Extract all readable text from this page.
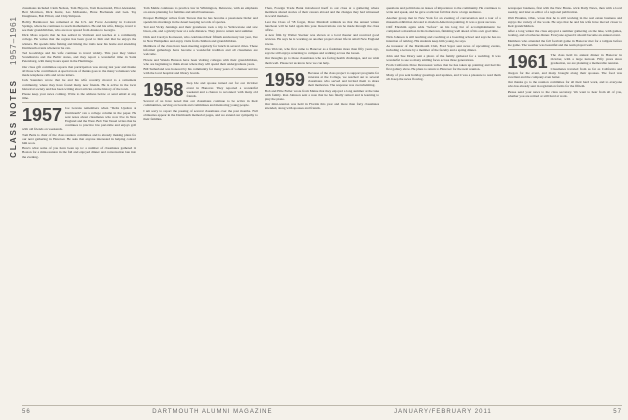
1957–1961
CLASS NOTES

classmates included Clem Nelson, Tom Haycox, Tom Rosenwald, Eliot Alexander, Bert Morrison, Dick Kurtz, Les McKenzie, Hone Bochenek and Gen. Tay Daughness, Bob Elliott, and Chip Simpson.

Bobby Barnhower has remained at the U.S. Air Force Academy in Colorado Springs, where he continues to teach mathematics. He and his wife, Marge, travel to see their grandchildren, who are now spread from Alaska to Georgia.

Dick Moss reports that he has settled in Vermont and teaches at a community college. He writes that the region has been good to him and that he enjoys the winters. He spends time fishing and hiking the trails near his home and attending Dartmouth events whenever he can.

Ted Goodridge and his wife continue to travel widely. This year they visited Scandinavia and the Baltic states, and they report a wonderful time in Saint Petersburg, with many hours spent in the Hermitage.

Our class gift committee reports that participation was strong last year and thanks all those who contributed. A special note of thanks goes to the many volunteers who made telephone calls and wrote letters.

Jack Saunders wrote that he and his wife recently moved to a retirement community, where they have found many new friends. He is active in the local historical society and has been writing short articles on the history of the town.

Please keep your news coming. Write to the address below or send email at any time.

1957 Joe Gavans remembers when "Delta Upsilon at Dartmouth" ran a college column in the paper. He sent notes about classmates who now live in New England and the West. Bob Van Tassel writes that he continues to practice law part-time and enjoys golf with old friends on weekends.

Tom Betts is chair of the class reunion committee and is already making plans for our next gathering in Hanover. He asks that anyone interested in helping contact him soon.

Here's what some of you have been up to: a number of classmates gathered in Boston for a mini-reunion in the fall and enjoyed dinner and conversation late into the evening.

Tom Mehle continues to practice law in Wilmington, Delaware, with an emphasis on estate planning for families and small businesses.

Prosper Ballinger writes from Tucson that he has become a passionate birder and spends his mornings in the desert keeping records of species.

Ted and Vicky Jennings and their grandsons took a trip to Yellowstone and saw bison, elk, and a grizzly bear at a safe distance. They plan to return next summer.

Dick and Carolyn Kortesoni, who celebrated their fiftieth anniversary last year, live in New Hampshire and enjoy visits from children and grandchildren.

Members of the class have been meeting regularly for lunch in several cities. These informal gatherings have become a wonderful tradition and all classmates are welcome.

Howie and Wanda Henson have been visiting colleges with their grandchildren, who are beginning to think about where they will spend their undergraduate years.

Bill Sutherland was honored by his community for many years of volunteer service with the local hospital and library boards.

1958 Step Ide and spouse turned out for our October event in Hanover. They reported a wonderful weekend and a chance to reconnect with many old friends.

Several of us have noted that our classmates continue to be active in their communities, serving on boards and committees and mentoring young people.

I am sorry to report the passing of several classmates over the past months. Full obituaries appear in the Dartmouth memorial pages, and we extend our sympathy to their families.

Then, Foreign Trade Bank introduced itself to our class at a gathering where members shared stories of their careers abroad and the changes they had witnessed in world markets.

Lest the Class of '58 forget, Dave Marshall reminds us that the annual winter luncheon will be held again this year. Reservations can be made through the class office.

A new film by Walter Stecker was shown at a local theater and received good reviews. He says he is working on another project about life in small New England towns.

Wes Wolcott, who first came to Hanover as a freshman more than fifty years ago, says he still enjoys returning to campus and walking across the Green.

Our thoughts go to those classmates who are facing health challenges, and we wish them well. Please let us know how we can help.

1959 Because of the class project to support programs for veterans at the College, we reached out to several classmates who served and invited them to share their memories. The response was overwhelming.

Bob and Ellie Fuller wrote from Maine that they enjoyed a long summer at the lake with family. Ron Johnson sent a note that he has finally retired and is learning to play the piano.

Our mini-reunion was held in Florida this year and more than forty classmates attended, along with spouses and friends.

questions and politicians on issues of importance to the community. He continues to write and speak, and he gave a talk last fall that drew a large audience.

Another group met in New York for an evening of conversation and a tour of a museum exhibition devoted to modern American painting. It was a great success.

Cliff Ebrahim again adds "before" on his long list of accomplishments: he completed a marathon in his hometown, finishing well ahead of his own goal time.

Nick Johnson is still teaching and coaching at a boarding school and says he has no intention of retiring. His students keep him young, he says.

As treasurer of the Dartmouth Club, Fred Sayer sent news of upcoming events, including a lecture by a member of the faculty and a spring dinner.

John and Sue Drury sent a photo of the family gathered for a wedding. It was wonderful to see so many smiling faces across three generations.

From California Dave Devereaux writes that he has taken up painting and had his first gallery show. He plans to return to Hanover for the next reunion.

Many of you sent holiday greetings and updates, and it was a pleasure to read them all. Keep the news flowing.

newspaper business, first with the New Bruns- wick Daily News, then with a local weekly, and later as editor of a regional publication.

Walt Hoskins, Ohio, wrote that he is still working in the real estate business and enjoys the variety of the work. He says that he and his wife have moved closer to their grandchildren.

After a long winter the class enjoyed a summer gathering on the lake, with games, boating, and a barbecue dinner. Everyone agreed it should become an annual event.

Members who attended the fall football game in Hanover met for a tailgate before the game. The weather was beautiful and the team played well.

1961 The class held its annual dinner in Hanover in October, with a large turnout. Fifty years since graduation, we are planning a memorable reunion.

Classmates traveled from as far as California and Oregon for the event, and many brought along their spouses. The food was excellent and the company even better.

Our thanks go to the reunion committee for all their hard work, and to everyone who has already sent in registration forms for the fiftieth.

Please send your news to the class secretary. We want to hear from all of you, whether you are retired or still hard at work.

56	DARTMOUTH ALUMNI MAGAZINE	JANUARY/FEBRUARY 2011	57
